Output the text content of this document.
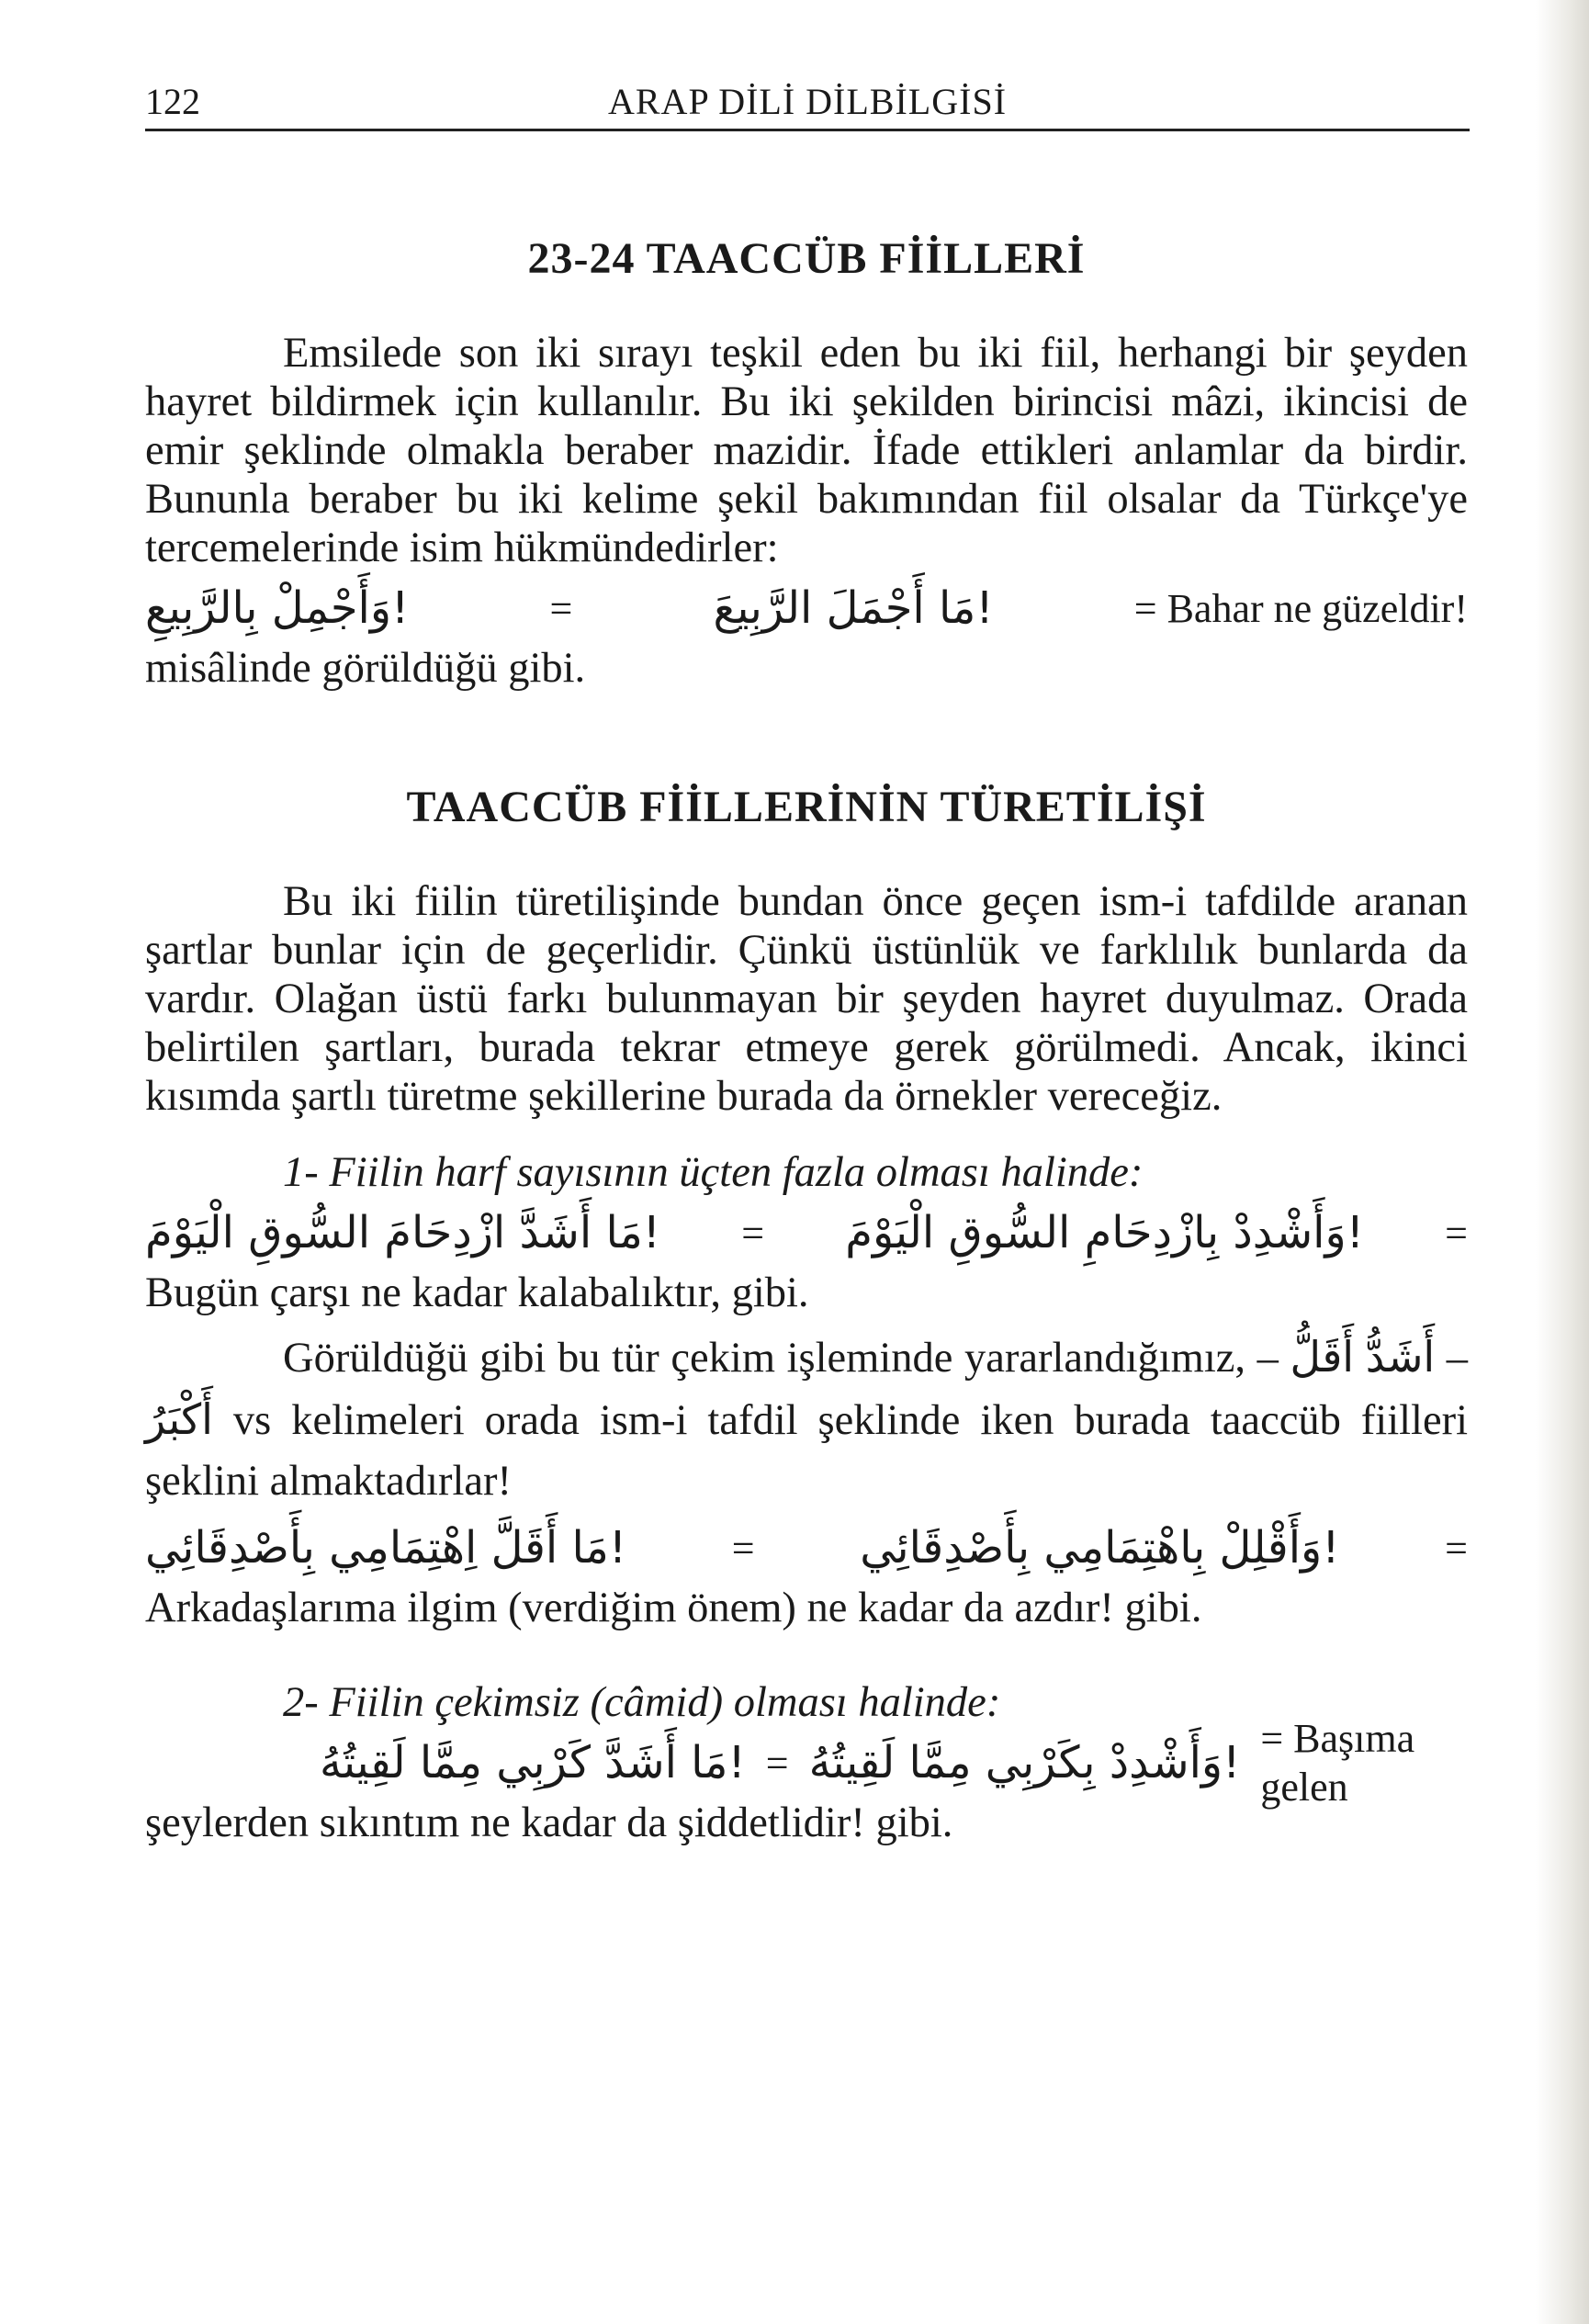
122	ARAP DİLİ DİLBİLGİSİ
23-24 TAACCÜB FİİLLERİ

Emsilede son iki sırayı teşkil eden bu iki fiil, herhangi bir şeyden hayret bildirmek için kullanılır. Bu iki şekilden birincisi mâzi, ikincisi de emir şeklinde olmakla beraber mazidir. İfade ettikleri anlamlar da birdir. Bununla beraber bu iki kelime şekil bakımından fiil olsalar da Türkçe'ye tercemelerinde isim hükmündedirler:

!وَأَجْمِلْ بِالرَّبِيعِ	=	!مَا أَجْمَلَ الرَّبِيعَ	= Bahar ne güzeldir!

misâlinde görüldüğü gibi.

TAACCÜB FİİLLERİNİN TÜRETİLİŞİ

Bu iki fiilin türetilişinde bundan önce geçen ism-i tafdilde aranan şartlar bunlar için de geçerlidir. Çünkü üstünlük ve farklılık bunlarda da vardır. Olağan üstü farkı bulunmayan bir şeyden hayret duyulmaz. Orada belirtilen şartları, burada tekrar etmeye gerek görülmedi. Ancak, ikinci kısımda şartlı türetme şekillerine burada da örnekler vereceğiz.

1- Fiilin harf sayısının üçten fazla olması halinde:

!مَا أَشَدَّ ازْدِحَامَ السُّوقِ الْيَوْمَ = !وَأَشْدِدْ بِازْدِحَامِ السُّوقِ الْيَوْمَ =

Bugün çarşı ne kadar kalabalıktır, gibi.

Görüldüğü gibi bu tür çekim işleminde yararlandığımız, – أَقَلُّ أَشَدُّ – أَكْبَرُ vs kelimeleri orada ism-i tafdil şeklinde iken burada taaccüb fiilleri şeklini almaktadırlar!

!مَا أَقَلَّ اِهْتِمَامِي بِأَصْدِقَائِي	= !وَأَقْلِلْ بِاهْتِمَامِي بِأَصْدِقَائِي	=

Arkadaşlarıma ilgim (verdiğim önem) ne kadar da azdır! gibi.

2- Fiilin çekimsiz (câmid) olması halinde:

!مَا أَشَدَّ كَرْبِي مِمَّا لَقِيتُهُ = !وَأَشْدِدْ بِكَرْبِي مِمَّا لَقِيتُهُ = Başıma gelen

şeylerden sıkıntım ne kadar da şiddetlidir! gibi.
